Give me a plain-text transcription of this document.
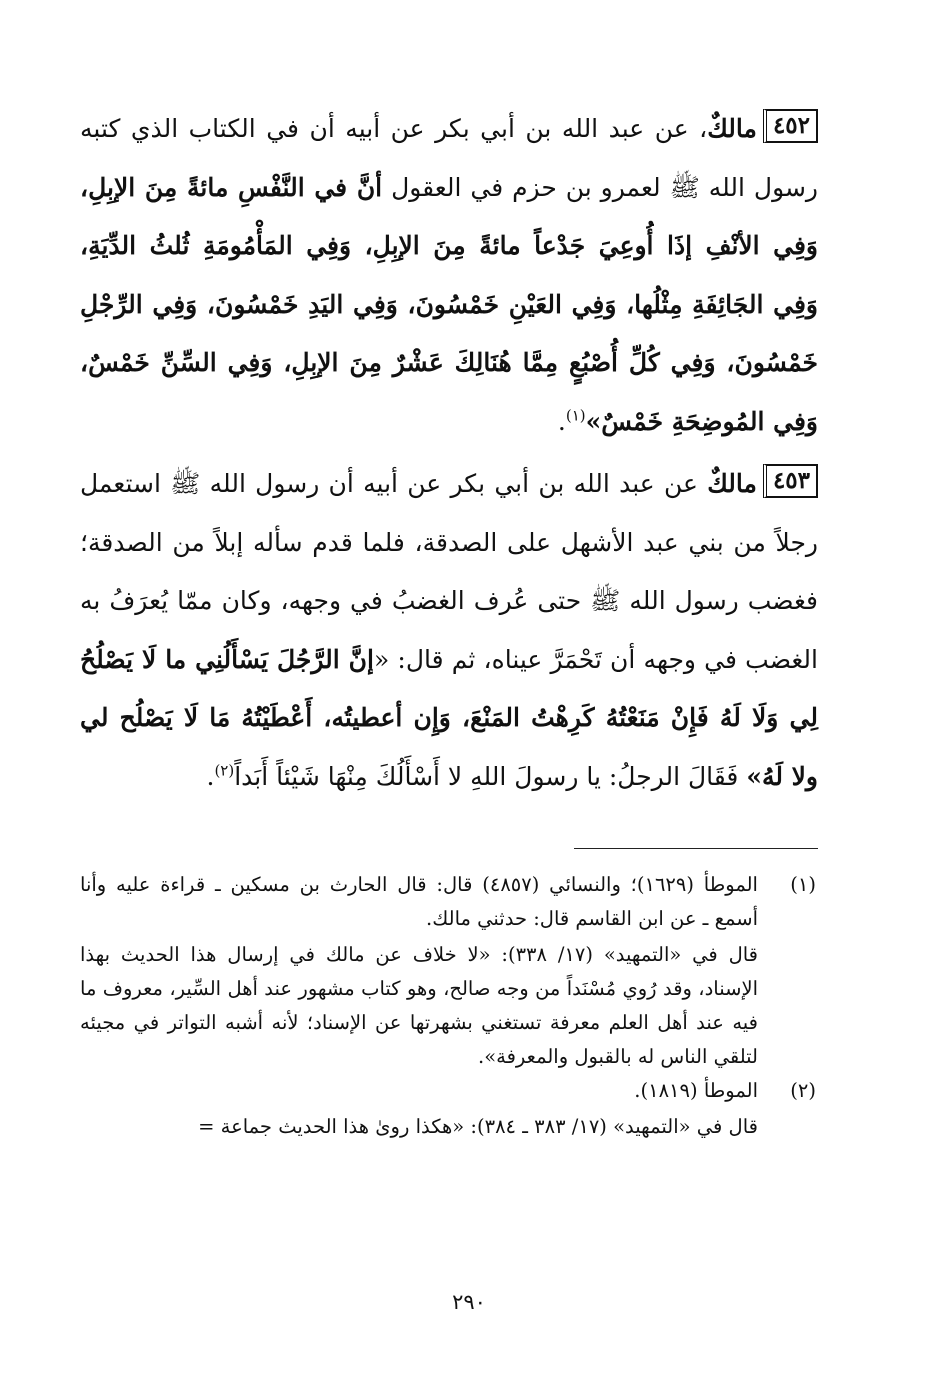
٤٥٢مالكٌ، عن عبد الله بن أبي بكر عن أبيه أن في الكتاب الذي كتبه رسول الله ﷺ لعمرو بن حزم في العقول أنَّ في النَّفْسِ مائةً مِنَ الإبِلِ، وَفِي الأنْفِ إذَا أُوعِيَ جَدْعاً مائةً مِنَ الإبِلِ، وَفِي المَأْمُومَةِ ثُلثُ الدِّيَةِ، وَفِي الجَائِفَةِ مِثْلُها، وَفِي العَيْنِ خَمْسُونَ، وَفِي اليَدِ خَمْسُونَ، وَفِي الرِّجْلِ خَمْسُونَ، وَفِي كُلِّ أُصْبُعٍ مِمَّا هُنَالِكَ عَشْرٌ مِنَ الإبِلِ، وَفِي السِّنِّ خَمْسٌ، وَفِي المُوضِحَةِ خَمْسٌ»$^{(١)}$.

٤٥٣مالكٌ عن عبد الله بن أبي بكر عن أبيه أن رسول الله ﷺ استعمل رجلاً من بني عبد الأشهل على الصدقة، فلما قدم سأله إبلاً من الصدقة؛ فغضب رسول الله ﷺ حتى عُرف الغضبُ في وجهه، وكان ممّا يُعرَفُ به الغضب في وجهه أن تَحْمَرَّ عيناه، ثم قال: «إنَّ الرَّجُلَ يَسْأَلُنِي ما لَا يَصْلُحُ لِي وَلَا لَهُ فَإِنْ مَنَعْتُهُ كَرِهْتُ المَنْعَ، وَإِن أعطيتُه، أَعْطَيْتُهُ مَا لَا يَصْلُح لي ولا لَهُ» فَقَالَ الرجلُ: يا رسولَ اللهِ لا أَسْأَلُكَ مِنْهَا شَيْئاً أَبَداً$^{(٢)}$.

(١)
الموطأ (١٦٢٩)؛ والنسائي (٤٨٥٧) قال: قال الحارث بن مسكين ـ قراءة عليه وأنا أسمع ـ عن ابن القاسم قال: حدثني مالك.
قال في «التمهيد» (١٧/ ٣٣٨): «لا خلاف عن مالك في إرسال هذا الحديث بهذا الإسناد، وقد رُوي مُسْنَداً من وجه صالح، وهو كتاب مشهور عند أهل السِّير، معروف ما فيه عند أهل العلم معرفة تستغني بشهرتها عن الإسناد؛ لأنه أشبه التواتر في مجيئه لتلقي الناس له بالقبول والمعرفة».
(٢)
الموطأ (١٨١٩).
قال في «التمهيد» (١٧/ ٣٨٣ ـ ٣٨٤): «هكذا روىٰ هذا الحديث جماعة =
٢٩٠
